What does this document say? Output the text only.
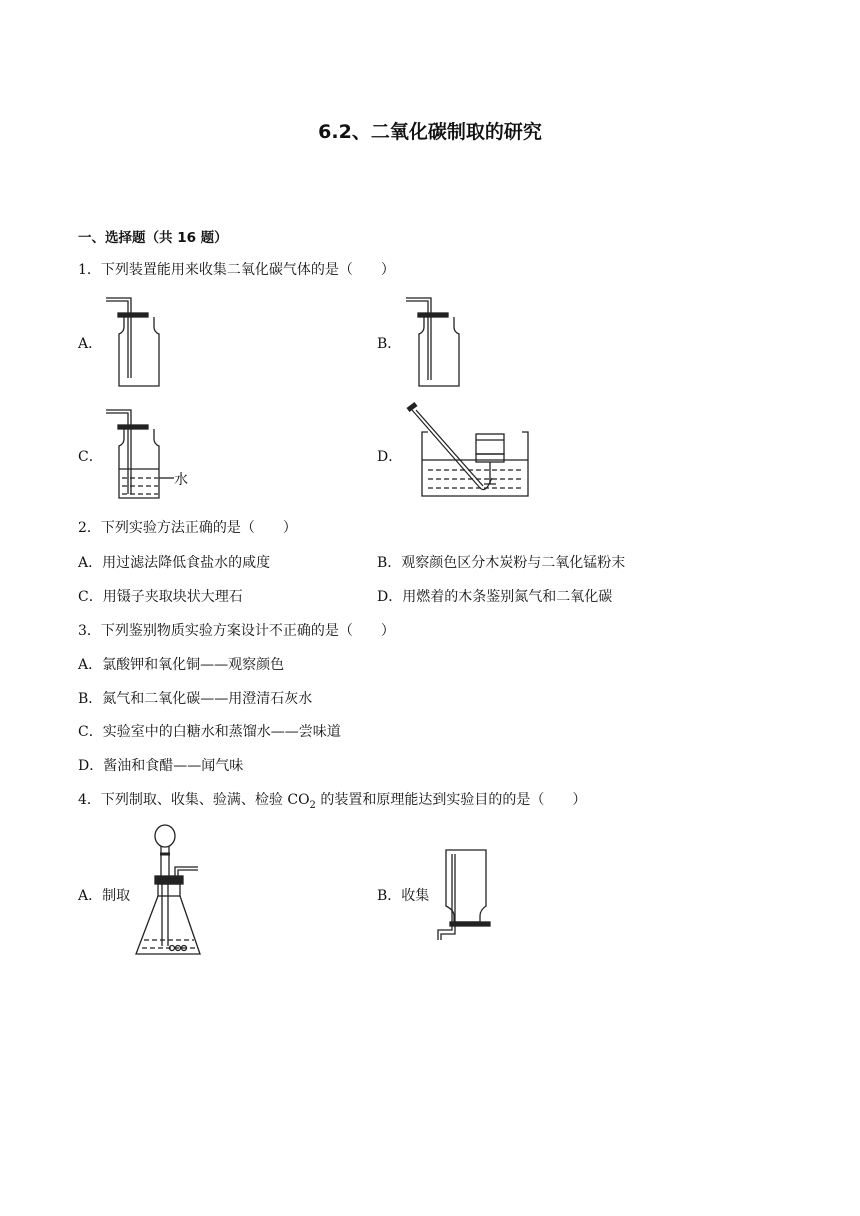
6.2、二氧化碳制取的研究
一、选择题（共 16 题）
1．下列装置能用来收集二氧化碳气体的是（　　）
A．	B．
C．
水
D．
2．下列实验方法正确的是（　　）
A．用过滤法降低食盐水的咸度	B．观察颜色区分木炭粉与二氧化锰粉末
C．用镊子夹取块状大理石	D．用燃着的木条鉴别氮气和二氧化碳
3．下列鉴别物质实验方案设计不正确的是（　　）
A．氯酸钾和氧化铜——观察颜色
B．氮气和二氧化碳——用澄清石灰水
C．实验室中的白糖水和蒸馏水——尝味道
D．酱油和食醋——闻气味
4．下列制取、收集、验满、检验 $CO_2$ 的装置和原理能达到实验目的的是（　　）
A．制取	B．收集
